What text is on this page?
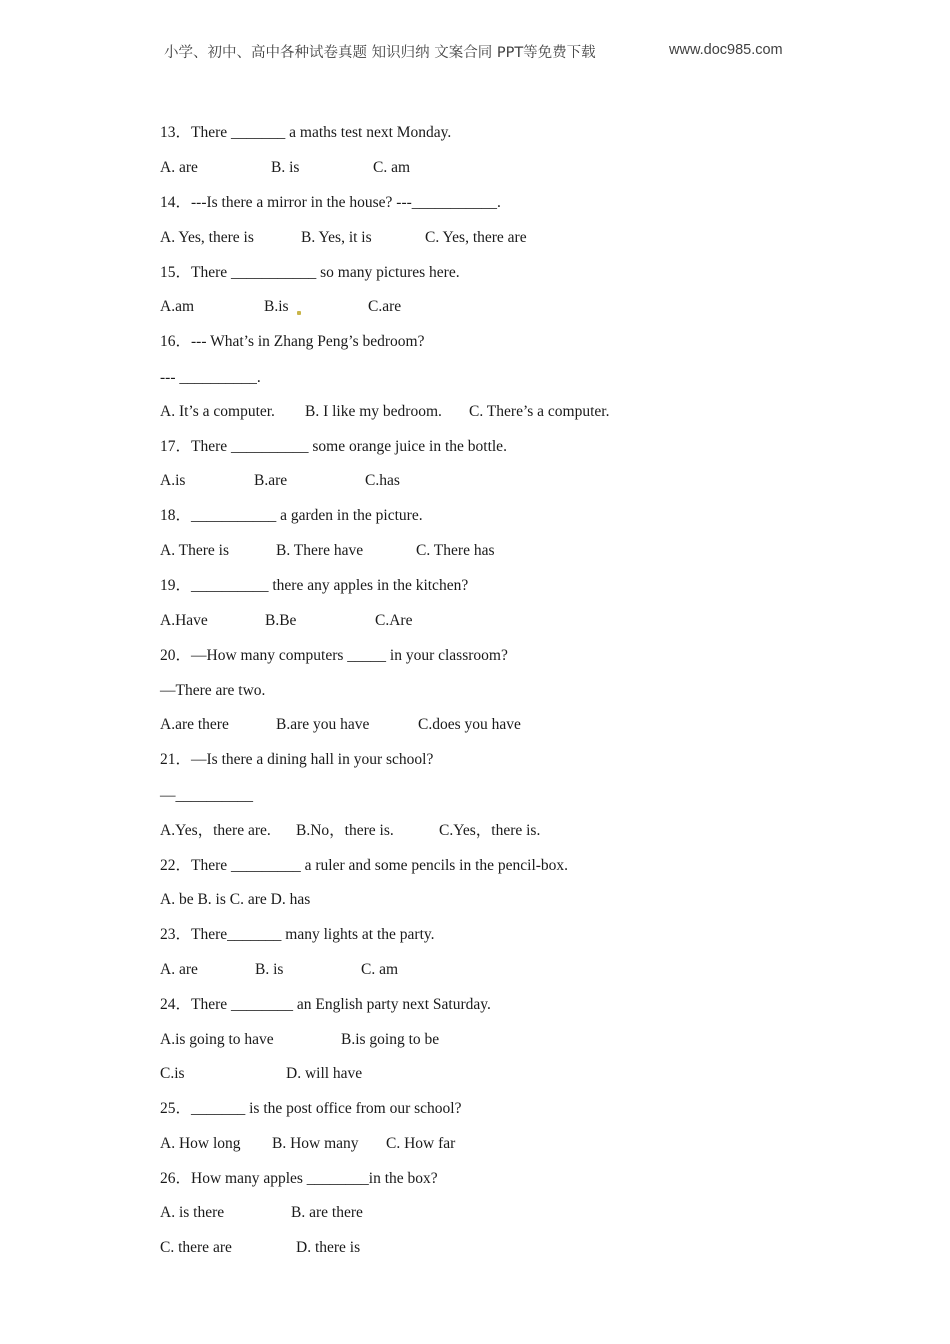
小学、初中、高中各种试卷真题 知识归纳 文案合同 PPT等免费下载	www.doc985.com
13．There _______ a maths test next Monday.
A. are	B. is	C. am
14．---Is there a mirror in the house? ---___________.
A. Yes, there is	B. Yes, it is	C. Yes, there are
15．There ___________ so many pictures here.
A.am	B.is	C.are
16．--- What’s in Zhang Peng’s bedroom?
--- __________.
A. It’s a computer. B. I like my bedroom. C. There’s a computer.
17．There __________ some orange juice in the bottle.
A.is	B.are	C.has
18．___________ a garden in the picture.
A. There is	B. There have	C. There has
19．__________ there any apples in the kitchen?
A.Have	B.Be	C.Are
20．—How many computers _____ in your classroom?
—There are two.
A.are there	B.are you have	C.does you have
21．—Is there a dining hall in your school?
—__________
A.Yes，there are. B.No，there is.	C.Yes，there is.
22．There _________ a ruler and some pencils in the pencil-box.
A. be B. is C. are D. has
23．There_______ many lights at the party.
A. are	B. is	C. am
24．There ________ an English party next Saturday.
A.is going to have	B.is going to be
C.is	D. will have
25．_______ is the post office from our school?
A. How long B. How many C. How far
26．How many apples ________in the box?
A. is there	B. are there
C. there are	D. there is
